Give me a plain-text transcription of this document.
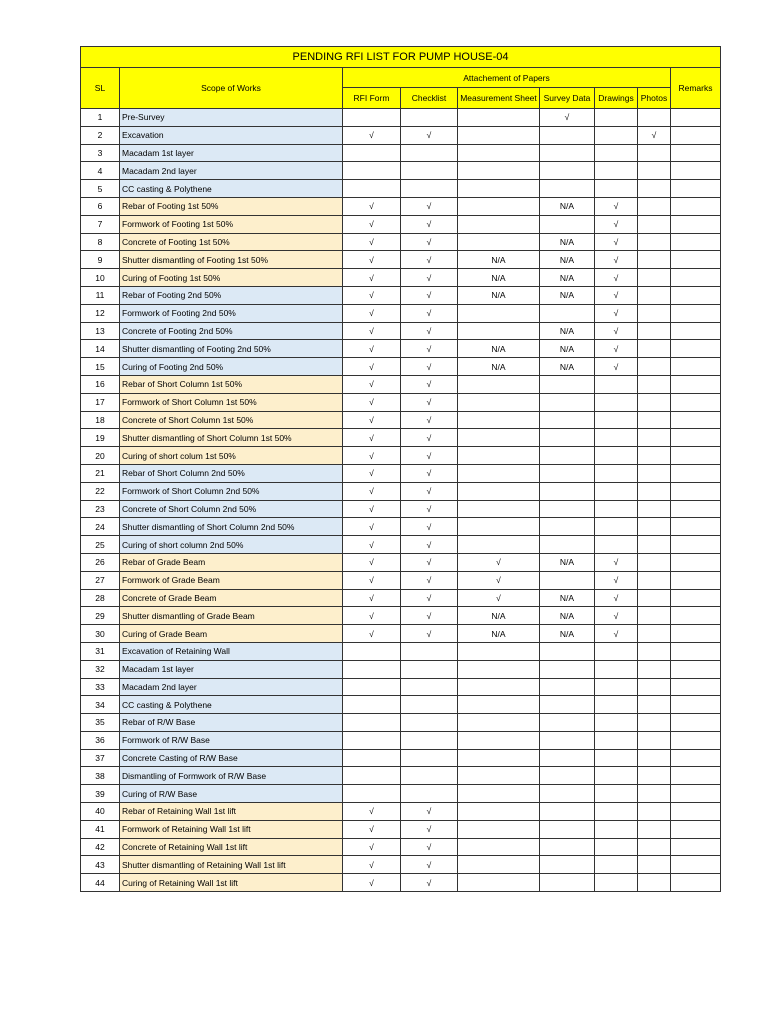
PENDING RFI LIST FOR PUMP HOUSE-04								
SL	Scope of Works	Attachement of Papers						Remarks
		RFI Form	Checklist	Measurement Sheet	Survey Data	Drawings	Photos	
1	Pre-Survey				√			
2	Excavation	√	√				√	
3	Macadam 1st layer							
4	Macadam 2nd layer							
5	CC casting & Polythene							
6	Rebar of Footing 1st 50%	√	√		N/A	√		
7	Formwork of Footing 1st 50%	√	√			√		
8	Concrete of Footing 1st 50%	√	√		N/A	√		
9	Shutter dismantling of Footing 1st 50%	√	√	N/A	N/A	√		
10	Curing of Footing 1st 50%	√	√	N/A	N/A	√		
11	Rebar of Footing 2nd 50%	√	√	N/A	N/A	√		
12	Formwork of Footing 2nd 50%	√	√			√		
13	Concrete of Footing 2nd 50%	√	√		N/A	√		
14	Shutter dismantling of Footing 2nd 50%	√	√	N/A	N/A	√		
15	Curing of Footing 2nd 50%	√	√	N/A	N/A	√		
16	Rebar of Short Column 1st 50%	√	√					
17	Formwork of Short Column 1st 50%	√	√					
18	Concrete of Short Column 1st 50%	√	√					
19	Shutter dismantling of Short Column 1st 50%	√	√					
20	Curing of short colum 1st 50%	√	√					
21	Rebar of Short Column 2nd 50%	√	√					
22	Formwork of Short Column 2nd 50%	√	√					
23	Concrete of Short Column 2nd 50%	√	√					
24	Shutter dismantling of Short Column 2nd 50%	√	√					
25	Curing of short column 2nd 50%	√	√					
26	Rebar of Grade Beam	√	√	√	N/A	√		
27	Formwork of Grade Beam	√	√	√		√		
28	Concrete of Grade Beam	√	√	√	N/A	√		
29	Shutter dismantling of Grade Beam	√	√	N/A	N/A	√		
30	Curing of Grade Beam	√	√	N/A	N/A	√		
31	Excavation of Retaining Wall							
32	Macadam 1st layer							
33	Macadam 2nd layer							
34	CC casting & Polythene							
35	Rebar of R/W Base							
36	Formwork of R/W Base							
37	Concrete Casting of R/W Base							
38	Dismantling of Formwork of R/W Base							
39	Curing of R/W Base							
40	Rebar of Retaining Wall 1st lift	√	√					
41	Formwork of Retaining Wall 1st lift	√	√					
42	Concrete of Retaining Wall 1st lift	√	√					
43	Shutter dismantling of Retaining Wall 1st lift	√	√					
44	Curing of Retaining Wall 1st lift	√	√					
